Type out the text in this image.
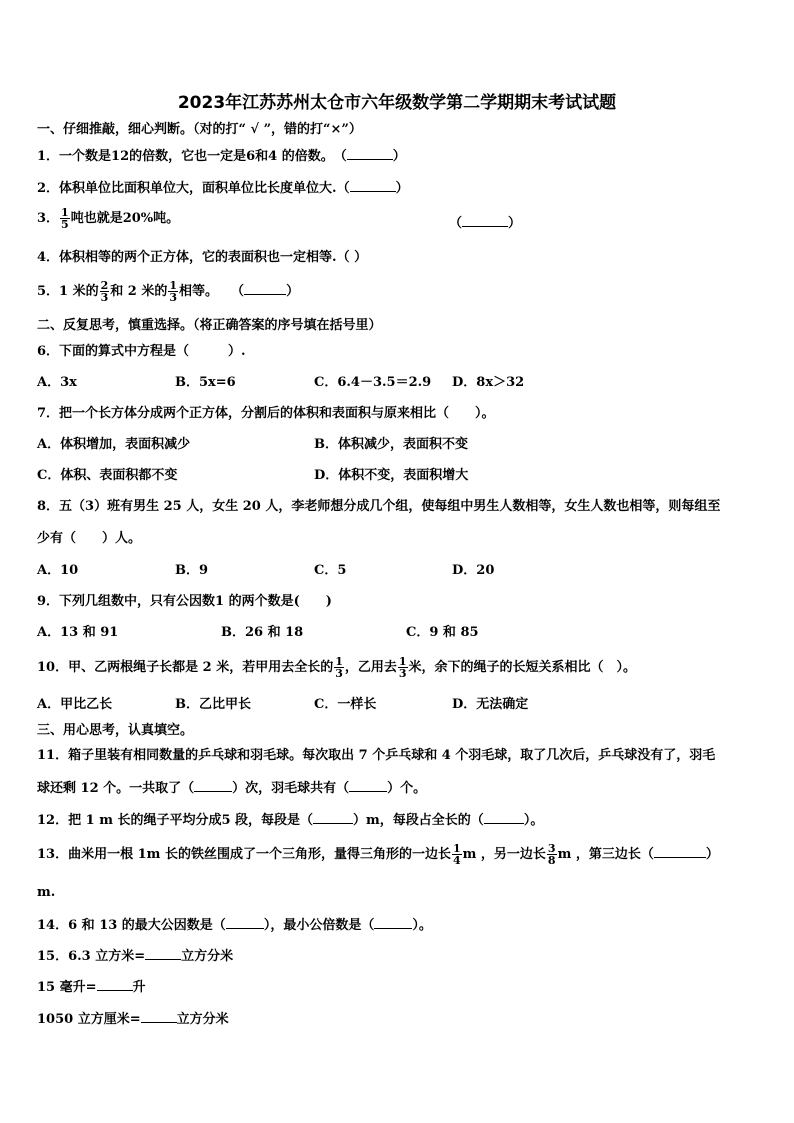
2023年江苏苏州太仓市六年级数学第二学期期末考试试题
一、仔细推敲，细心判断。（对的打“ √ ”，错的打“×”）
1．一个数是12的倍数，它也一定是6和4 的倍数。　（	）
2．体积单位比面积单位大，面积单位比长度单位大.（	）
3． $\frac{1}{5}$ 吨也就是20%吨。	（	）
4．体积相等的两个正方体，它的表面积也一定相等.（ ）
5．1 米的 $\frac{2}{3}$ 和 2 米的 $\frac{1}{3}$ 相等。　　（	）
二、反复思考，慎重选择。（将正确答案的序号填在括号里）
6．下面的算式中方程是（　　　）.
A．3x	B．5x=6	C．6.4－3.5＝2.9 D．8x＞32
7．把一个长方体分成两个正方体，分割后的体积和表面积与原来相比（　　）。
A．体积增加，表面积减少	B．体积减少，表面积不变
C．体积、表面积都不变	D．体积不变，表面积增大
8．五（3）班有男生 25 人，女生 20 人，李老师想分成几个组，使每组中男生人数相等，女生人数也相等，则每组至
少有（　　）人。
A．10	B．9	C．5	D．20
9．下列几组数中，只有公因数1 的两个数是(　　)
A．13 和 91	B．26 和 18	C．9 和 85
10．甲、乙两根绳子长都是 2 米，若甲用去全长的 $\frac{1}{3}$ ，乙用去 $\frac{1}{3}$ 米，余下的绳子的长短关系相比（　）。
A．甲比乙长	B．乙比甲长	C．一样长	D．无法确定
三、用心思考，认真填空。
11．箱子里装有相同数量的乒乓球和羽毛球。每次取出 7 个乒乓球和 4 个羽毛球，取了几次后，乒乓球没有了，羽毛
球还剩 12 个。一共取了（	）次，羽毛球共有（	）个。
12．把 1 m 长的绳子平均分成5 段，每段是（	）m，每段占全长的（	）。
13．曲米用一根 1m 长的铁丝围成了一个三角形，量得三角形的一边长 $\frac{1}{4}$ m ，另一边长 $\frac{3}{8}$ m ，第三边长（	）
m.
14．6 和 13 的最大公因数是（	），最小公倍数是（	）。
15．6.3 立方米=	立方分米
15 毫升=	升
1050 立方厘米=	立方分米
